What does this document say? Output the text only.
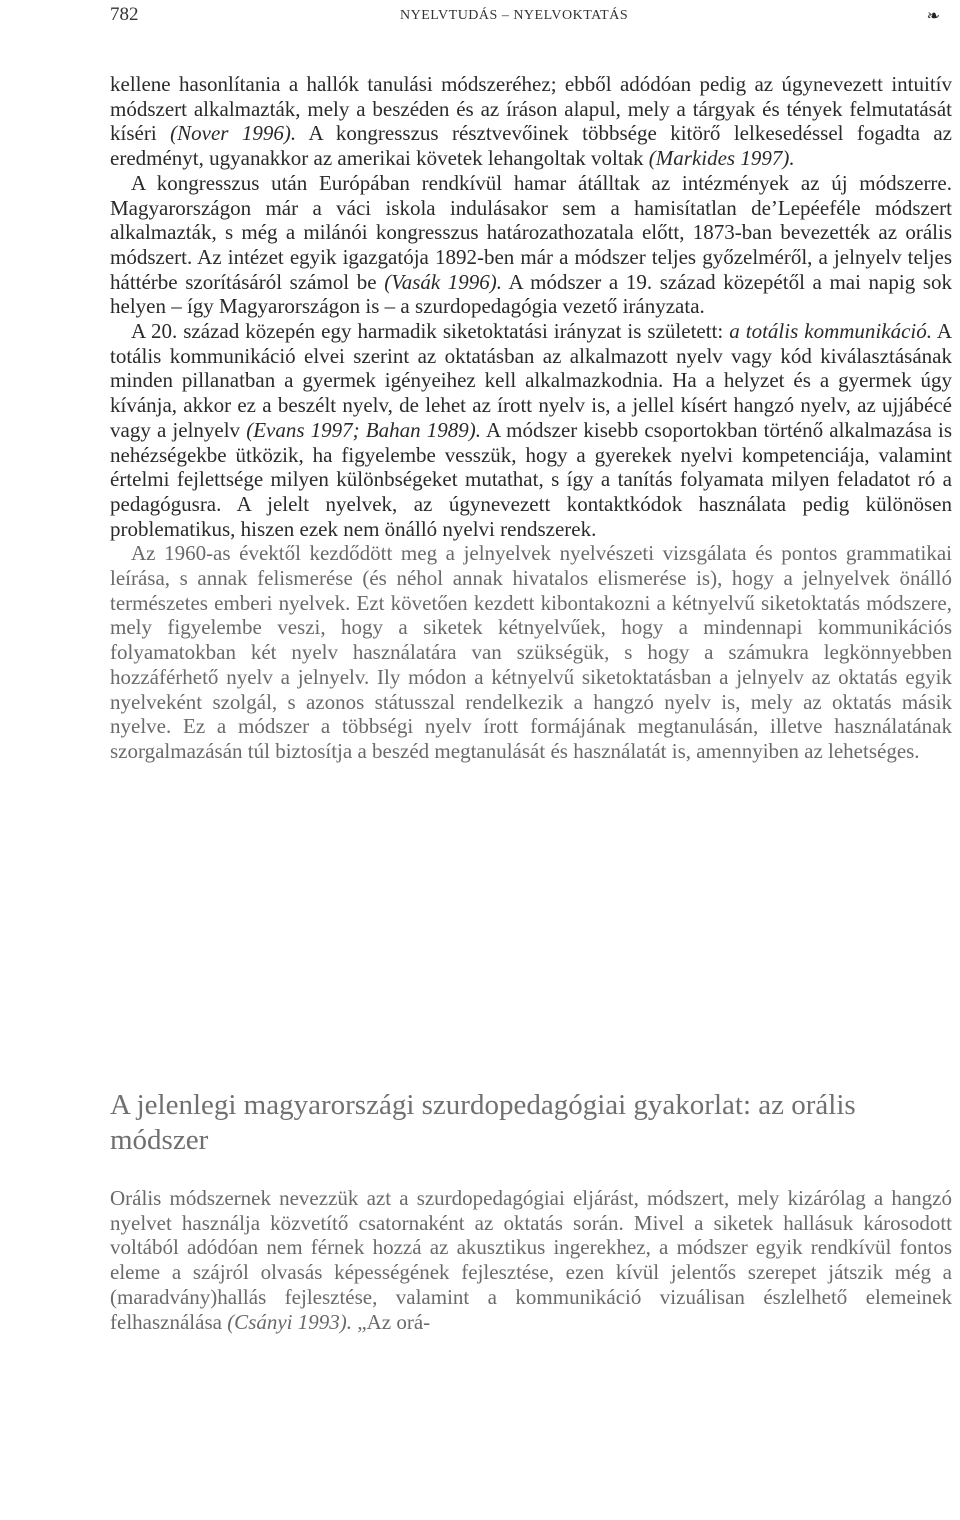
782	NYELVTUDÁS – NYELVOKTATÁS	❧

kellene hasonlítania a hallók tanulási módszeréhez; ebből adódóan pedig az úgynevezett intuitív módszert alkalmazták, mely a beszéden és az íráson alapul, mely a tárgyak és tények felmutatását kíséri (Nover 1996). A kongresszus résztvevőinek többsége kitörő lelkesedéssel fogadta az eredményt, ugyanakkor az amerikai követek lehangoltak voltak (Markides 1997).

A kongresszus után Európában rendkívül hamar átálltak az intézmények az új módszerre. Magyarországon már a váci iskola indulásakor sem a hamisítatlan de’Lepéeféle módszert alkalmazták, s még a milánói kongresszus határozathozatala előtt, 1873-ban bevezették az orális módszert. Az intézet egyik igazgatója 1892-ben már a módszer teljes győzelméről, a jelnyelv teljes háttérbe szorításáról számol be (Vasák 1996). A módszer a 19. század közepétől a mai napig sok helyen – így Magyarországon is – a szurdopedagógia vezető irányzata.

A 20. század közepén egy harmadik siketoktatási irányzat is született: a totális kommunikáció. A totális kommunikáció elvei szerint az oktatásban az alkalmazott nyelv vagy kód kiválasztásának minden pillanatban a gyermek igényeihez kell alkalmazkodnia. Ha a helyzet és a gyermek úgy kívánja, akkor ez a beszélt nyelv, de lehet az írott nyelv is, a jellel kísért hangzó nyelv, az ujjábécé vagy a jelnyelv (Evans 1997; Bahan 1989). A módszer kisebb csoportokban történő alkalmazása is nehézségekbe ütközik, ha figyelembe vesszük, hogy a gyerekek nyelvi kompetenciája, valamint értelmi fejlettsége milyen különbségeket mutathat, s így a tanítás folyamata milyen feladatot ró a pedagógusra. A jelelt nyelvek, az úgynevezett kontaktkódok használata pedig különösen problematikus, hiszen ezek nem önálló nyelvi rendszerek.

Az 1960-as évektől kezdődött meg a jelnyelvek nyelvészeti vizsgálata és pontos grammatikai leírása, s annak felismerése (és néhol annak hivatalos elismerése is), hogy a jelnyelvek önálló természetes emberi nyelvek. Ezt követően kezdett kibontakozni a kétnyelvű siketoktatás módszere, mely figyelembe veszi, hogy a siketek kétnyelvűek, hogy a mindennapi kommunikációs folyamatokban két nyelv használatára van szükségük, s hogy a számukra legkönnyebben hozzáférhető nyelv a jelnyelv. Ily módon a kétnyelvű siketoktatásban a jelnyelv az oktatás egyik nyelveként szolgál, s azonos státusszal rendelkezik a hangzó nyelv is, mely az oktatás másik nyelve. Ez a módszer a többségi nyelv írott formájának megtanulásán, illetve használatának szorgalmazásán túl biztosítja a beszéd megtanulását és használatát is, amennyiben az lehetséges.

A jelenlegi magyarországi szurdopedagógiai gyakorlat: az orális módszer

Orális módszernek nevezzük azt a szurdopedagógiai eljárást, módszert, mely kizárólag a hangzó nyelvet használja közvetítő csatornaként az oktatás során. Mivel a siketek hallásuk károsodott voltából adódóan nem férnek hozzá az akusztikus ingerekhez, a módszer egyik rendkívül fontos eleme a szájról olvasás képességének fejlesztése, ezen kívül jelentős szerepet játszik még a (maradvány)hallás fejlesztése, valamint a kommunikáció vizuálisan észlelhető elemeinek felhasználása (Csányi 1993). „Az orá-
